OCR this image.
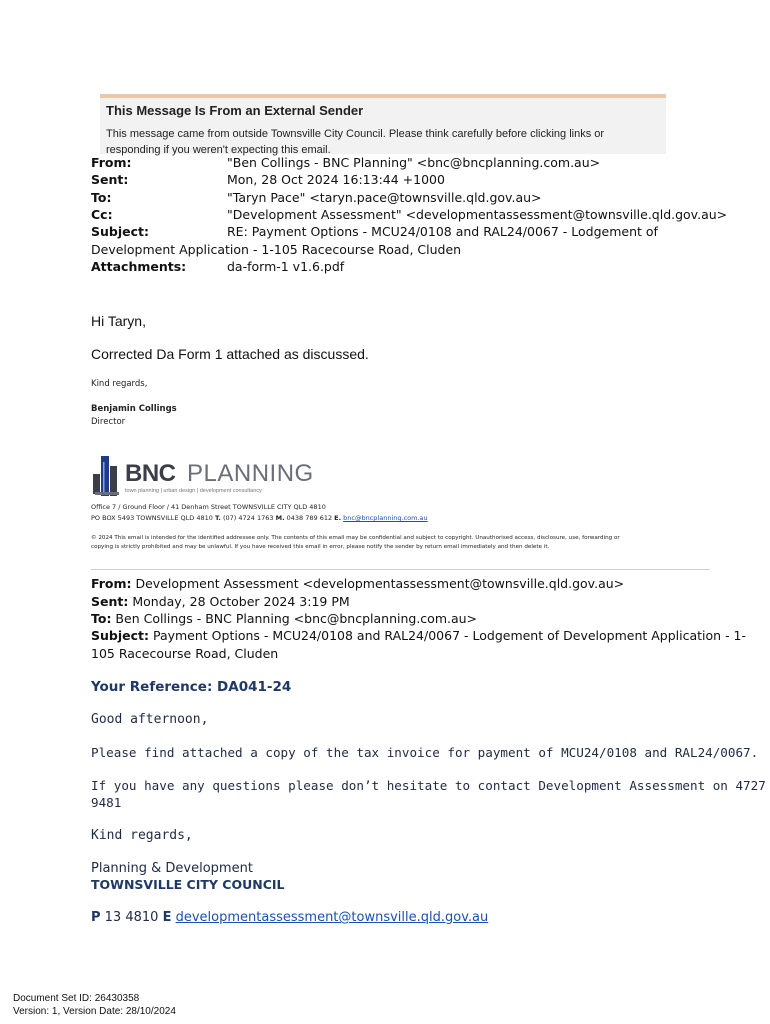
This Message Is From an External Sender
This message came from outside Townsville City Council. Please think carefully before clicking links or
responding if you weren't expecting this email.
From:	"Ben Collings - BNC Planning" <bnc@bncplanning.com.au>
Sent:	Mon, 28 Oct 2024 16:13:44 +1000
To:	"Taryn Pace" <taryn.pace@townsville.qld.gov.au>
Cc:	"Development Assessment" <developmentassessment@townsville.qld.gov.au>
Subject:	RE: Payment Options - MCU24/0108 and RAL24/0067 - Lodgement of
Development Application - 1-105 Racecourse Road, Cluden
Attachments:	da-form-1 v1.6.pdf
Hi Taryn,
Corrected Da Form 1 attached as discussed.
Kind regards,
Benjamin Collings
Director
BNC PLANNING
town planning | urban design | development consultancy
Office 7 / Ground Floor / 41 Denham Street TOWNSVILLE CITY QLD 4810
PO BOX 5493 TOWNSVILLE QLD 4810 T. (07) 4724 1763 M. 0438 789 612 E. bnc@bncplanning.com.au
© 2024 This email is intended for the identified addressee only. The contents of this email may be confidential and subject to copyright. Unauthorised access, disclosure, use, forwarding or
copying is strictly prohibited and may be unlawful. If you have received this email in error, please notify the sender by return email immediately and then delete it.
From: Development Assessment <developmentassessment@townsville.qld.gov.au>
Sent: Monday, 28 October 2024 3:19 PM
To: Ben Collings - BNC Planning <bnc@bncplanning.com.au>
Subject: Payment Options - MCU24/0108 and RAL24/0067 - Lodgement of Development Application - 1-
105 Racecourse Road, Cluden
Your Reference: DA041-24
Good afternoon,
Please find attached a copy of the tax invoice for payment of MCU24/0108 and RAL24/0067.
If you have any questions please don’t hesitate to contact Development Assessment on 4727
9481
Kind regards,
Planning & Development
TOWNSVILLE CITY COUNCIL
P 13 4810 E developmentassessment@townsville.qld.gov.au
Document Set ID: 26430358
Version: 1, Version Date: 28/10/2024
